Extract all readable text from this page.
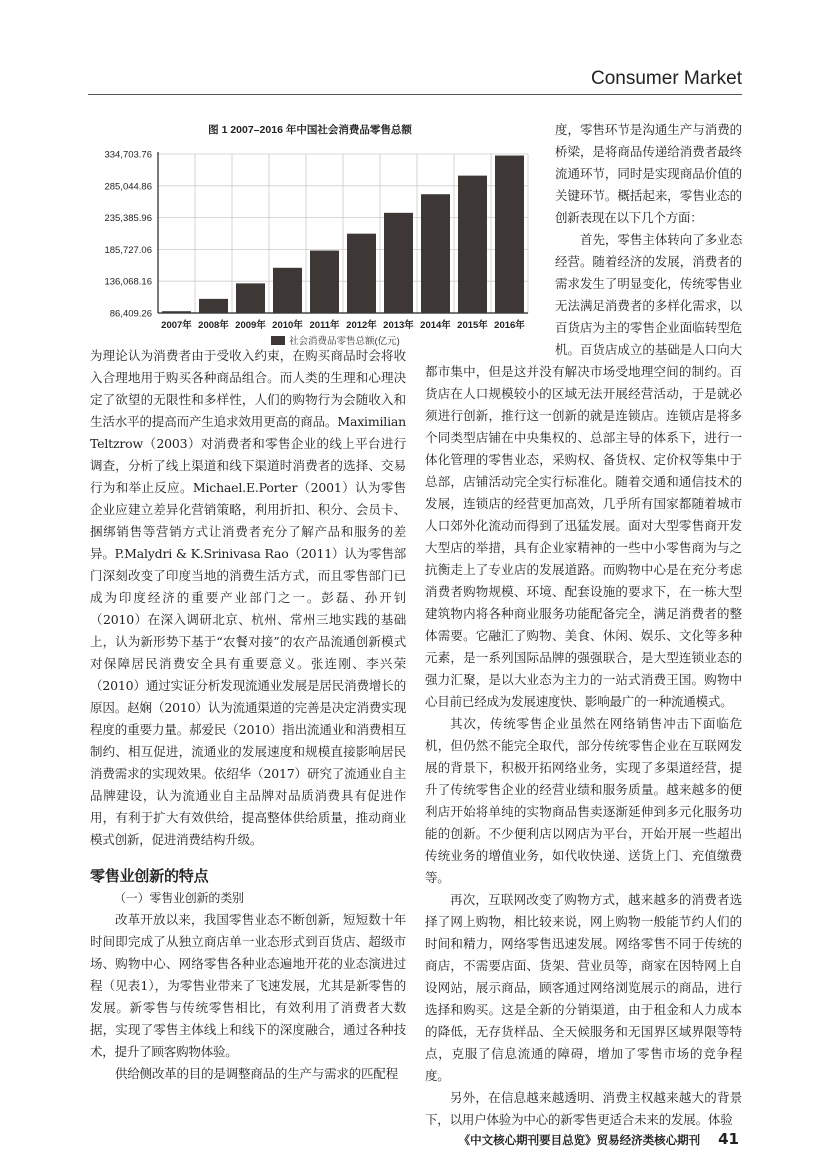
Consumer Market
图 1 2007–2016 年中国社会消费品零售总额
86,409.26
136,068.16
185,727.06
235,385.96
285,044.86
334,703.76
2007年 2008年 2009年 2010年 2011年 2012年 2013年 2014年 2015年 2016年
社会消费品零售总额(亿元)

度，零售环节是沟通生产与消费的桥梁，是将商品传递给消费者最终流通环节，同时是实现商品价值的关键环节。概括起来，零售业态的创新表现在以下几个方面：

首先，零售主体转向了多业态经营。随着经济的发展，消费者的需求发生了明显变化，传统零售业无法满足消费者的多样化需求，以百货店为主的零售企业面临转型危机。百货店成立的基础是人口向大都市集中，但是这并没有解决市场受地理空间的制约。百货店在人口规模较小的区域无法开展经营活动，于是就必须进行创新，推行这一创新的就是连锁店。连锁店是将多个同类型店铺在中央集权的、总部主导的体系下，进行一体化管理的零售业态，采购权、备货权、定价权等集中于总部，店铺活动完全实行标准化。随着交通和通信技术的发展，连锁店的经营更加高效，几乎所有国家都随着城市人口郊外化流动而得到了迅猛发展。面对大型零售商开发大型店的举措，具有企业家精神的一些中小零售商为与之抗衡走上了专业店的发展道路。而购物中心是在充分考虑消费者购物规模、环境、配套设施的要求下，在一栋大型建筑物内将各种商业服务功能配备完全，满足消费者的整体需要。它融汇了购物、美食、休闲、娱乐、文化等多种元素，是一系列国际品牌的强强联合，是大型连锁业态的强力汇聚，是以大业态为主力的一站式消费王国。购物中心目前已经成为发展速度快、影响最广的一种流通模式。

其次，传统零售企业虽然在网络销售冲击下面临危机，但仍然不能完全取代，部分传统零售企业在互联网发展的背景下，积极开拓网络业务，实现了多渠道经营，提升了传统零售企业的经营业绩和服务质量。越来越多的便利店开始将单纯的实物商品售卖逐渐延伸到多元化服务功能的创新。不少便利店以网店为平台，开始开展一些超出传统业务的增值业务，如代收快递、送货上门、充值缴费等。

再次，互联网改变了购物方式，越来越多的消费者选择了网上购物，相比较来说，网上购物一般能节约人们的时间和精力，网络零售迅速发展。网络零售不同于传统的商店，不需要店面、货架、营业员等，商家在因特网上自设网站，展示商品，顾客通过网络浏览展示的商品，进行选择和购买。这是全新的分销渠道，由于租金和人力成本的降低，无存货样品、全天候服务和无国界区域界限等特点，克服了信息流通的障碍，增加了零售市场的竞争程度。

另外，在信息越来越透明、消费主权越来越大的背景下，以用户体验为中心的新零售更适合未来的发展。体验

为理论认为消费者由于受收入约束，在购买商品时会将收入合理地用于购买各种商品组合。而人类的生理和心理决定了欲望的无限性和多样性，人们的购物行为会随收入和生活水平的提高而产生追求效用更高的商品。Maximilian Teltzrow（2003）对消费者和零售企业的线上平台进行调查，分析了线上渠道和线下渠道时消费者的选择、交易行为和举止反应。Michael.E.Porter（2001）认为零售企业应建立差异化营销策略，利用折扣、积分、会员卡、捆绑销售等营销方式让消费者充分了解产品和服务的差异。P.Malydri & K.Srinivasa Rao（2011）认为零售部门深刻改变了印度当地的消费生活方式，而且零售部门已成为印度经济的重要产业部门之一。彭磊、孙开钊（2010）在深入调研北京、杭州、常州三地实践的基础上，认为新形势下基于“农餐对接”的农产品流通创新模式对保障居民消费安全具有重要意义。张连刚、李兴荣（2010）通过实证分析发现流通业发展是居民消费增长的原因。赵娴（2010）认为流通渠道的完善是决定消费实现程度的重要力量。郝爱民（2010）指出流通业和消费相互制约、相互促进，流通业的发展速度和规模直接影响居民消费需求的实现效果。依绍华（2017）研究了流通业自主品牌建设，认为流通业自主品牌对品质消费具有促进作用，有利于扩大有效供给，提高整体供给质量，推动商业模式创新，促进消费结构升级。

零售业创新的特点
（一）零售业创新的类别

改革开放以来，我国零售业态不断创新，短短数十年时间即完成了从独立商店单一业态形式到百货店、超级市场、购物中心、网络零售各种业态遍地开花的业态演进过程（见表1），为零售业带来了飞速发展，尤其是新零售的发展。新零售与传统零售相比，有效利用了消费者大数据，实现了零售主体线上和线下的深度融合，通过各种技术，提升了顾客购物体验。

供给侧改革的目的是调整商品的生产与需求的匹配程

《中文核心期刊要目总览》贸易经济类核心期刊 41
